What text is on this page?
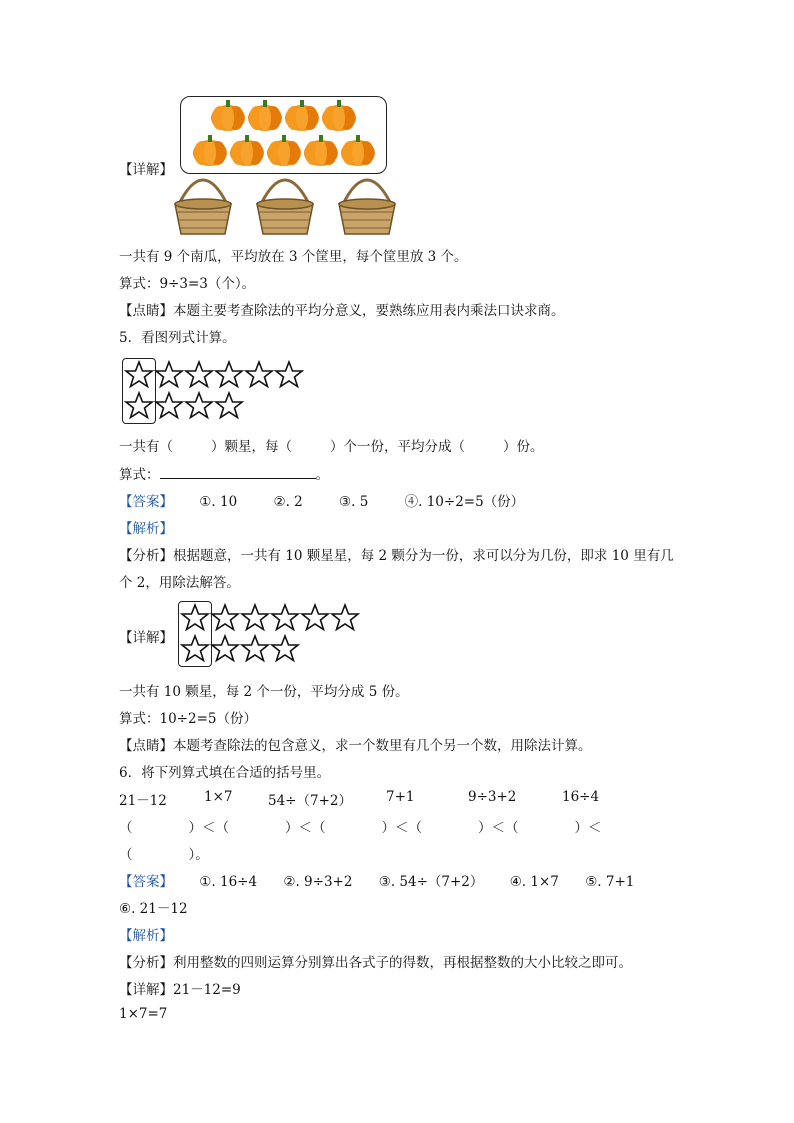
【详解】
一共有 9 个南瓜，平均放在 3 个筐里，每个筐里放 3 个。
算式：9÷3=3（个）。
【点睛】本题主要考查除法的平均分意义，要熟练应用表内乘法口诀求商。
5．看图列式计算。
一共有（	）颗星，每（	）个一份，平均分成（	）份。
算式：	。
【答案】 ①. 10	②. 2	③. 5	④. 10÷2=5（份）
【解析】
【分析】根据题意，一共有 10 颗星星，每 2 颗分为一份，求可以分为几份，即求 10 里有几
个 2，用除法解答。
【详解】
一共有 10 颗星，每 2 个一份，平均分成 5 份。
算式：10÷2=5（份）
【点睛】本题考查除法的包含意义，求一个数里有几个另一个数，用除法计算。
6．将下列算式填在合适的括号里。
21－12	1×7	54÷（7+2）	7+1	9÷3+2	16÷4
（	）＜（	）＜（	）＜（	）＜（	）＜
（	）。
【答案】 ①. 16÷4 ②. 9÷3+2 ③. 54÷（7+2） ④. 1×7 ⑤. 7+1
⑥. 21－12
【解析】
【分析】利用整数的四则运算分别算出各式子的得数，再根据整数的大小比较之即可。
【详解】21－12=9
1×7=7
